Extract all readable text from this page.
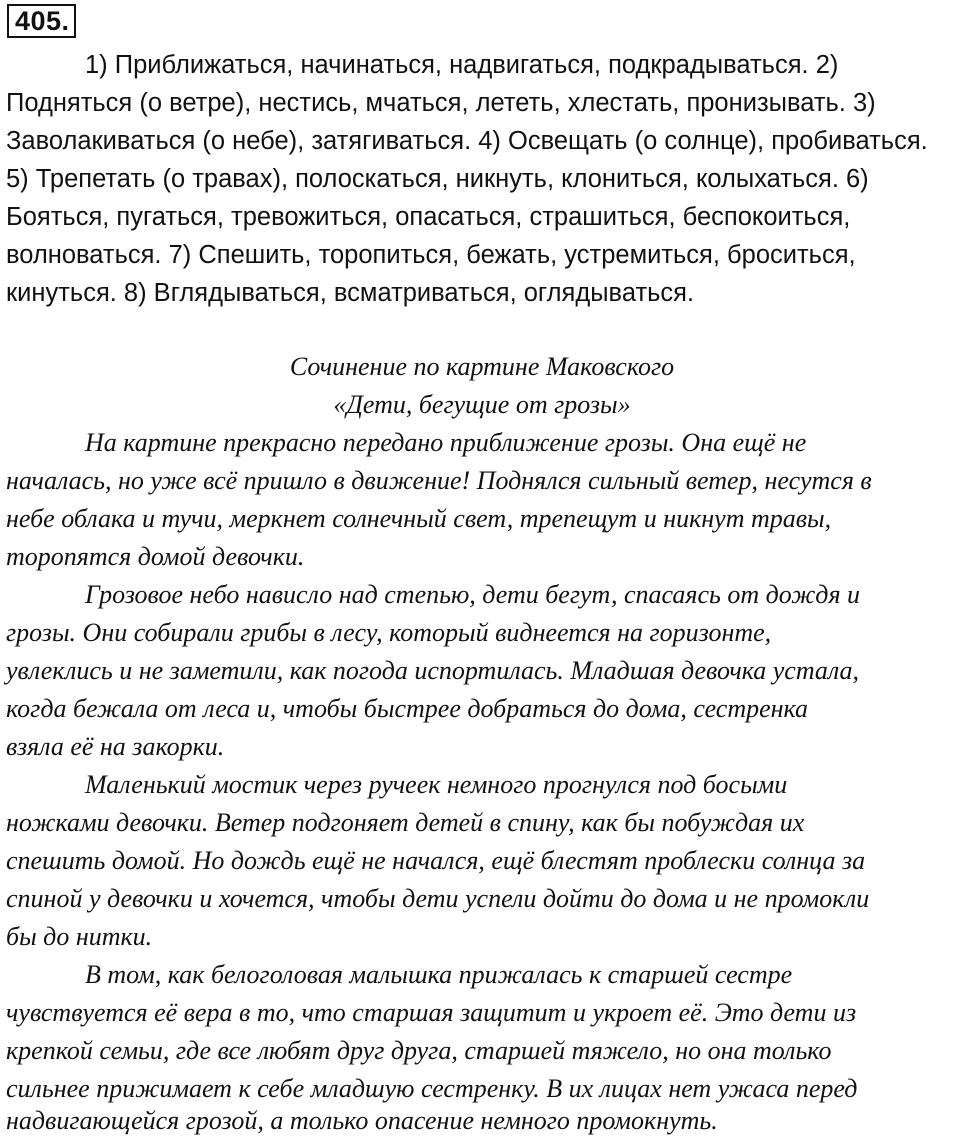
405.
1) Приближаться, начинаться, надвигаться, подкрадываться. 2)
Подняться (о ветре), нестись, мчаться, лететь, хлестать, пронизывать. 3)
Заволакиваться (о небе), затягиваться. 4) Освещать (о солнце), пробиваться.
5) Трепетать (о травах), полоскаться, никнуть, клониться, колыхаться. 6)
Бояться, пугаться, тревожиться, опасаться, страшиться, беспокоиться,
волноваться. 7) Спешить, торопиться, бежать, устремиться, броситься,
кинуться. 8) Вглядываться, всматриваться, оглядываться.
Сочинение по картине Маковского
«Дети, бегущие от грозы»
На картине прекрасно передано приближение грозы. Она ещё не
началась, но уже всё пришло в движение! Поднялся сильный ветер, несутся в
небе облака и тучи, меркнет солнечный свет, трепещут и никнут травы,
торопятся домой девочки.
Грозовое небо нависло над степью, дети бегут, спасаясь от дождя и
грозы. Они собирали грибы в лесу, который виднеется на горизонте,
увлеклись и не заметили, как погода испортилась. Младшая девочка устала,
когда бежала от леса и, чтобы быстрее добраться до дома, сестренка
взяла её на закорки.
Маленький мостик через ручеек немного прогнулся под босыми
ножками девочки. Ветер подгоняет детей в спину, как бы побуждая их
спешить домой. Но дождь ещё не начался, ещё блестят проблески солнца за
спиной у девочки и хочется, чтобы дети успели дойти до дома и не промокли
бы до нитки.
В том, как белоголовая малышка прижалась к старшей сестре
чувствуется её вера в то, что старшая защитит и укроет её. Это дети из
крепкой семьи, где все любят друг друга, старшей тяжело, но она только
сильнее прижимает к себе младшую сестренку. В их лицах нет ужаса перед
надвигающейся грозой, а только опасение немного промокнуть.
